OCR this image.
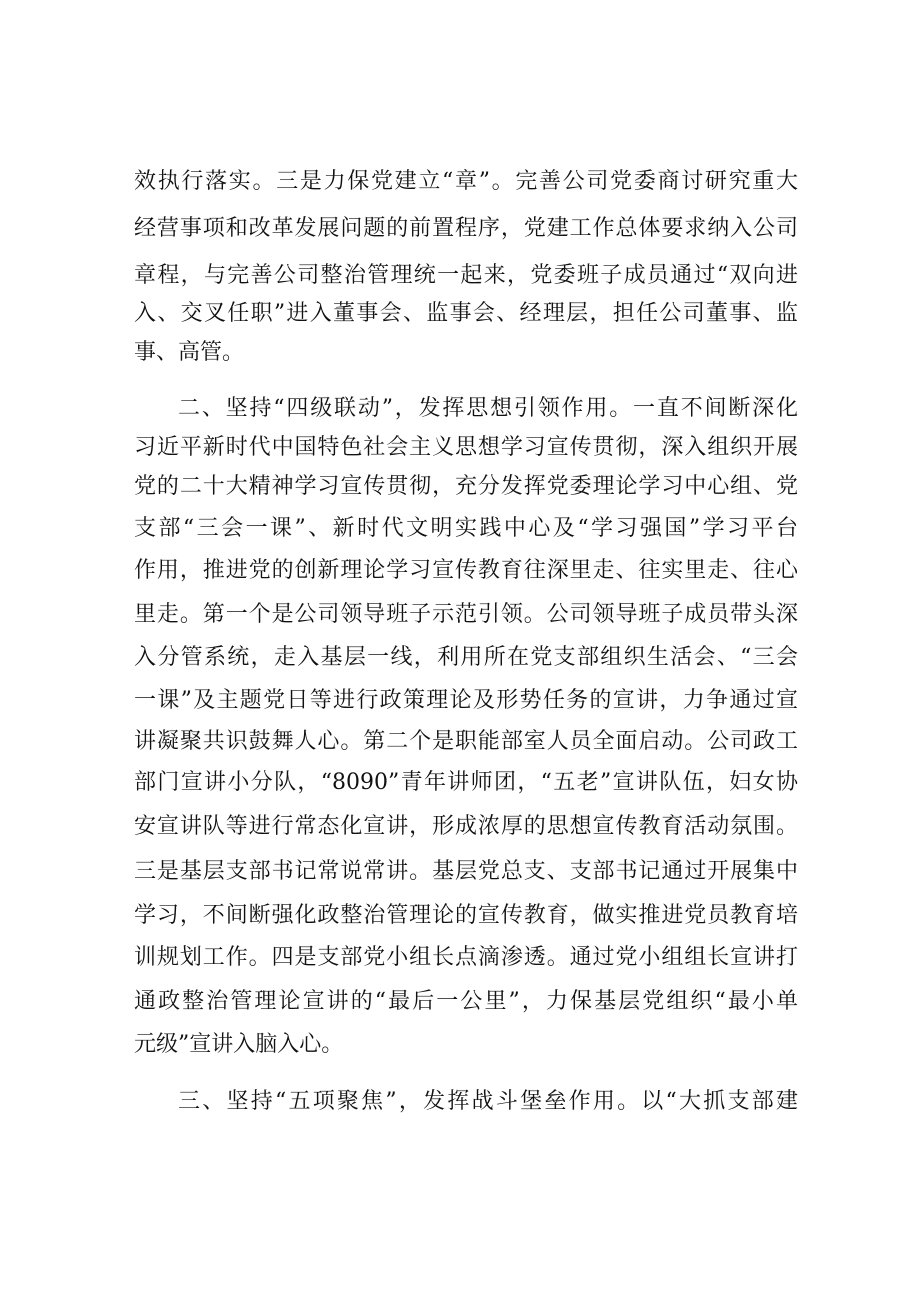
效执行落实。三是力保党建立“章”。完善公司党委商讨研究重大
经营事项和改革发展问题的前置程序，党建工作总体要求纳入公司
章程，与完善公司整治管理统一起来，党委班子成员通过“双向进
入、交叉任职”进入董事会、监事会、经理层，担任公司董事、监
事、高管。
二、坚持“四级联动”，发挥思想引领作用。一直不间断深化
习近平新时代中国特色社会主义思想学习宣传贯彻，深入组织开展
党的二十大精神学习宣传贯彻，充分发挥党委理论学习中心组、党
支部“三会一课”、新时代文明实践中心及“学习强国”学习平台
作用，推进党的创新理论学习宣传教育往深里走、往实里走、往心
里走。第一个是公司领导班子示范引领。公司领导班子成员带头深
入分管系统，走入基层一线，利用所在党支部组织生活会、“三会
一课”及主题党日等进行政策理论及形势任务的宣讲，力争通过宣
讲凝聚共识鼓舞人心。第二个是职能部室人员全面启动。公司政工
部门宣讲小分队，“8090”青年讲师团，“五老”宣讲队伍，妇女协
安宣讲队等进行常态化宣讲，形成浓厚的思想宣传教育活动氛围。
三是基层支部书记常说常讲。基层党总支、支部书记通过开展集中
学习，不间断强化政整治管理论的宣传教育，做实推进党员教育培
训规划工作。四是支部党小组长点滴渗透。通过党小组组长宣讲打
通政整治管理论宣讲的“最后一公里”，力保基层党组织“最小单
元级”宣讲入脑入心。
三、坚持“五项聚焦”，发挥战斗堡垒作用。以“大抓支部建
